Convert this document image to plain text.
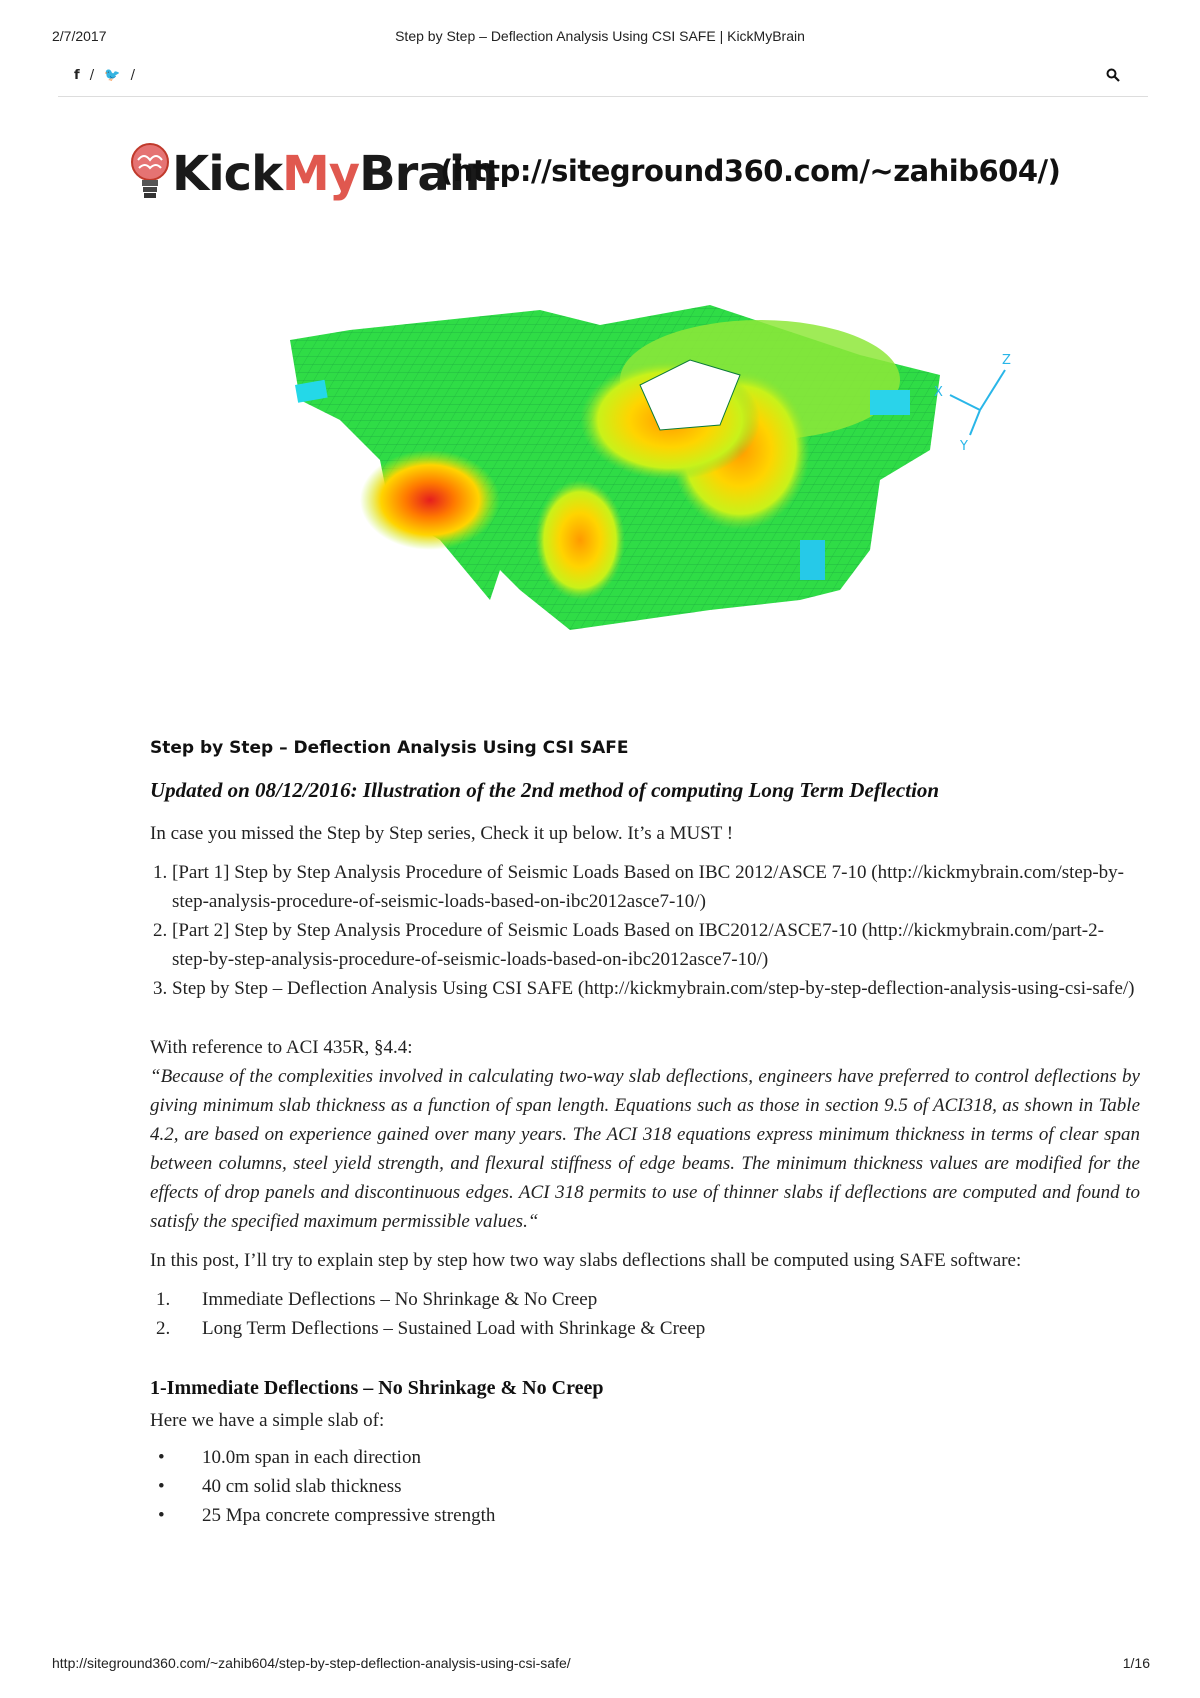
2/7/2017	Step by Step – Deflection Analysis Using CSI SAFE | KickMyBrain
f / 🐦 /
KickMyBrain
(http://siteground360.com/~zahib604/)
Z
X
Y
Step by Step – Deflection Analysis Using CSI SAFE

Updated on 08/12/2016: Illustration of the 2nd method of computing Long Term Deflection

In case you missed the Step by Step series, Check it up below. It’s a MUST !

1. [Part 1] Step by Step Analysis Procedure of Seismic Loads Based on IBC 2012/ASCE 7-10 (http://kickmybrain.com/step-by-step-analysis-procedure-of-seismic-loads-based-on-ibc2012asce7-10/)
2. [Part 2] Step by Step Analysis Procedure of Seismic Loads Based on IBC2012/ASCE7-10 (http://kickmybrain.com/part-2-step-by-step-analysis-procedure-of-seismic-loads-based-on-ibc2012asce7-10/)
3. Step by Step – Deflection Analysis Using CSI SAFE (http://kickmybrain.com/step-by-step-deflection-analysis-using-csi-safe/)

With reference to ACI 435R, §4.4:

“Because of the complexities involved in calculating two-way slab deflections, engineers have preferred to control deflections by giving minimum slab thickness as a function of span length. Equations such as those in section 9.5 of ACI318, as shown in Table 4.2, are based on experience gained over many years. The ACI 318 equations express minimum thickness in terms of clear span between columns, steel yield strength, and flexural stiffness of edge beams. The minimum thickness values are modified for the effects of drop panels and discontinuous edges. ACI 318 permits to use of thinner slabs if deflections are computed and found to satisfy the specified maximum permissible values.“

In this post, I’ll try to explain step by step how two way slabs deflections shall be computed using SAFE software:

1.	Immediate Deflections – No Shrinkage & No Creep
2.	Long Term Deflections – Sustained Load with Shrinkage & Creep
1-Immediate Deflections – No Shrinkage & No Creep

Here we have a simple slab of:

•	10.0m span in each direction
•	40 cm solid slab thickness
•	25 Mpa concrete compressive strength
http://siteground360.com/~zahib604/step-by-step-deflection-analysis-using-csi-safe/	1/16
